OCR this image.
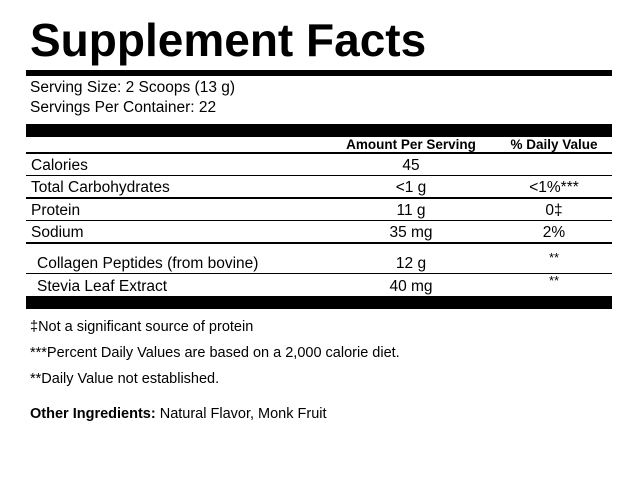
Supplement Facts
Serving Size: 2 Scoops (13 g)
Servings Per Container: 22
	Amount Per Serving	% Daily Value

Calories	45	

Total Carbohydrates	<1 g	<1%***

Protein	11 g	0‡

Sodium	35 mg	2%

Collagen Peptides (from bovine)	12 g	**

Stevia Leaf Extract	40 mg	**
‡Not a significant source of protein
***Percent Daily Values are based on a 2,000 calorie diet.
**Daily Value not established.
Other Ingredients: Natural Flavor, Monk Fruit
